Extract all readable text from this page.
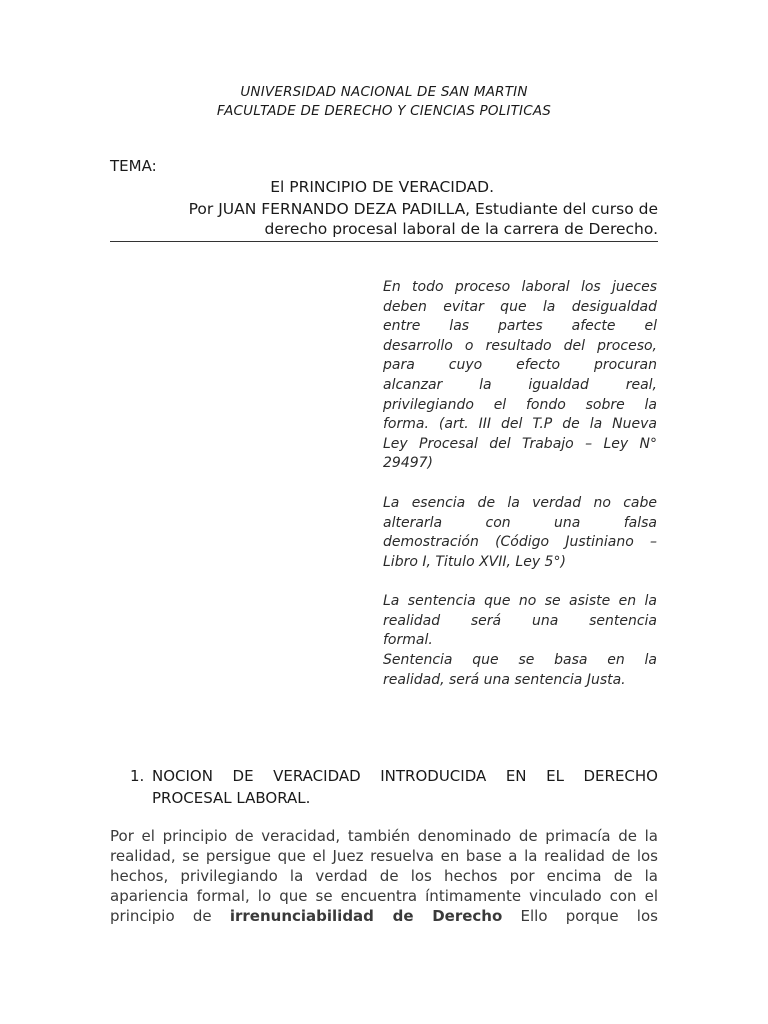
UNIVERSIDAD NACIONAL DE SAN MARTIN
FACULTADE DE DERECHO Y CIENCIAS POLITICAS
TEMA:
El PRINCIPIO DE VERACIDAD.
Por JUAN FERNANDO DEZA PADILLA, Estudiante del curso de
derecho procesal laboral de la carrera de Derecho.
En todo proceso laboral los jueces
deben evitar que la desigualdad
entre las partes afecte el
desarrollo o resultado del proceso,
para cuyo efecto procuran
alcanzar la igualdad real,
privilegiando el fondo sobre la
forma. (art. III del T.P de la Nueva
Ley Procesal del Trabajo – Ley N°
29497)
La esencia de la verdad no cabe
alterarla con una falsa
demostración (Código Justiniano –
Libro I, Titulo XVII, Ley 5°)
La sentencia que no se asiste en la
realidad será una sentencia
formal.
Sentencia que se basa en la
realidad, será una sentencia Justa.
1. NOCION DE VERACIDAD INTRODUCIDA EN EL DERECHO
PROCESAL LABORAL.
Por el principio de veracidad, también denominado de primacía de la
realidad, se persigue que el Juez resuelva en base a la realidad de los
hechos, privilegiando la verdad de los hechos por encima de la
apariencia formal, lo que se encuentra íntimamente vinculado con el
principio de irrenunciabilidad de Derecho Ello porque los
